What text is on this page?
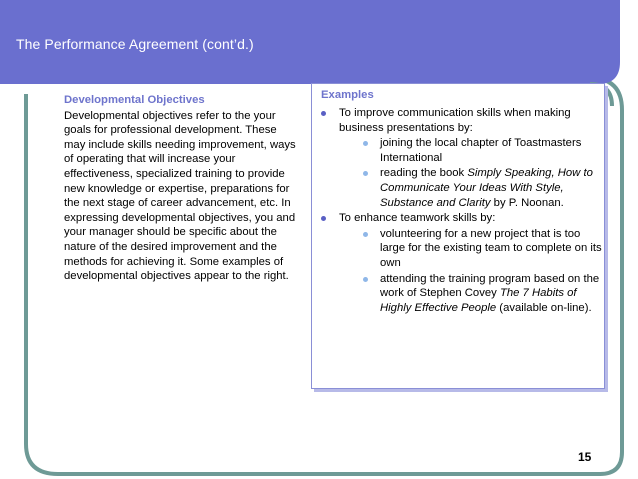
The Performance Agreement (cont’d.)
Developmental Objectives
Developmental objectives refer to the your goals for professional development. These may include skills needing improvement, ways of operating that will increase your effectiveness, specialized training to provide new knowledge or expertise, preparations for the next stage of career advancement, etc. In expressing developmental objectives, you and your manager should be specific about the nature of the desired improvement and the methods for achieving it. Some examples of developmental objectives appear to the right.
Examples
To improve communication skills when making business presentations by:
joining the local chapter of Toastmasters International
reading the book Simply Speaking, How to Communicate Your Ideas With Style, Substance and Clarity by P. Noonan.
To enhance teamwork skills by:
volunteering for a new project that is too large for the existing team to complete on its own
attending the training program based on the work of Stephen Covey The 7 Habits of Highly Effective People (available on-line).
15
